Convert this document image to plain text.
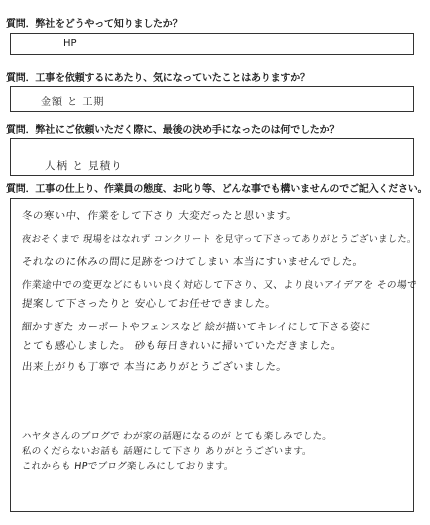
質問．弊社をどうやって知りましたか？
HP
質問．工事を依頼するにあたり、気になっていたことはありますか？
金額 と 工期
質問．弊社にご依頼いただく際に、最後の決め手になったのは何でしたか？
人柄 と 見積り
質問．工事の仕上り、作業員の態度、お叱り等、どんな事でも構いませんのでご記入ください。
冬の寒い中、作業をして下さり 大変だったと思います。
夜おそくまで 現場をはなれず コンクリート を見守って下さってありがとうございました。
それなのに休みの間に足跡をつけてしまい 本当にすいませんでした。
作業途中での変更などにもいい良く対応して下さり、又、より良いアイデアを その場で
提案して下さったりと 安心してお任せできました。
細かすぎた カーポートやフェンスなど 絵が描いてキレイにして下さる姿に
とても感心しました。 砂も毎日きれいに掃いていただきました。
出来上がりも丁寧で 本当にありがとうございました。
ハヤタさんのブログで わが家の話題になるのが とても楽しみでした。
私のくだらないお話も 話題にして下さり ありがとうございます。
これからも HPでブログ楽しみにしております。
